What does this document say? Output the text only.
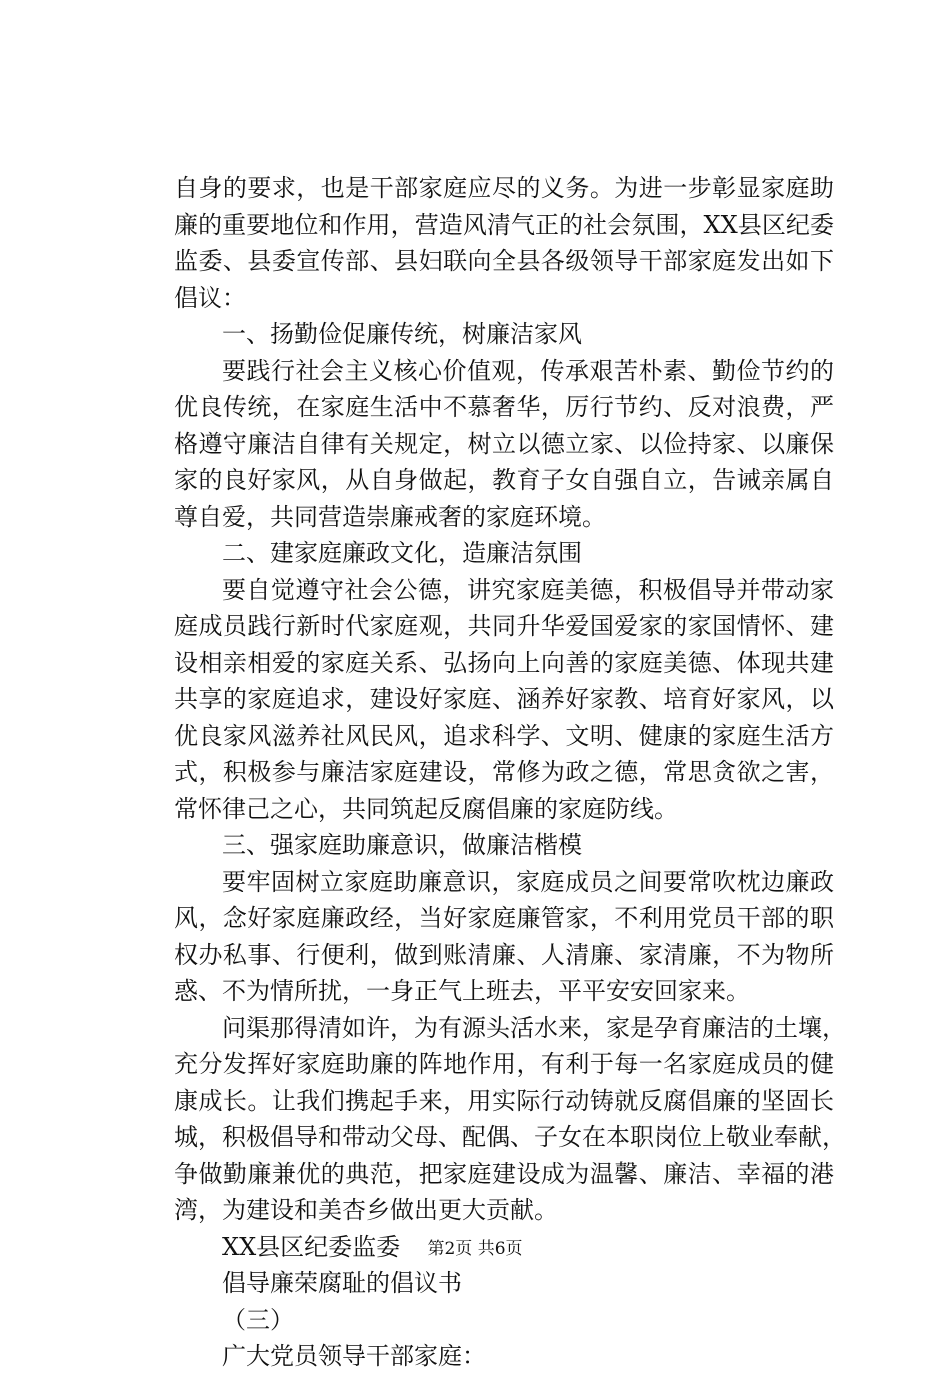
自身的要求，也是干部家庭应尽的义务。为进一步彰显家庭助
廉的重要地位和作用，营造风清气正的社会氛围，XX县区纪委
监委、县委宣传部、县妇联向全县各级领导干部家庭发出如下
倡议：
一、扬勤俭促廉传统，树廉洁家风
要践行社会主义核心价值观，传承艰苦朴素、勤俭节约的
优良传统，在家庭生活中不慕奢华，厉行节约、反对浪费，严
格遵守廉洁自律有关规定，树立以德立家、以俭持家、以廉保
家的良好家风，从自身做起，教育子女自强自立，告诫亲属自
尊自爱，共同营造崇廉戒奢的家庭环境。
二、建家庭廉政文化，造廉洁氛围
要自觉遵守社会公德，讲究家庭美德，积极倡导并带动家
庭成员践行新时代家庭观，共同升华爱国爱家的家国情怀、建
设相亲相爱的家庭关系、弘扬向上向善的家庭美德、体现共建
共享的家庭追求，建设好家庭、涵养好家教、培育好家风，以
优良家风滋养社风民风，追求科学、文明、健康的家庭生活方
式，积极参与廉洁家庭建设，常修为政之德，常思贪欲之害，
常怀律己之心，共同筑起反腐倡廉的家庭防线。
三、强家庭助廉意识，做廉洁楷模
要牢固树立家庭助廉意识，家庭成员之间要常吹枕边廉政
风，念好家庭廉政经，当好家庭廉管家，不利用党员干部的职
权办私事、行便利，做到账清廉、人清廉、家清廉，不为物所
惑、不为情所扰，一身正气上班去，平平安安回家来。
问渠那得清如许，为有源头活水来，家是孕育廉洁的土壤，
充分发挥好家庭助廉的阵地作用，有利于每一名家庭成员的健
康成长。让我们携起手来，用实际行动铸就反腐倡廉的坚固长
城，积极倡导和带动父母、配偶、子女在本职岗位上敬业奉献，
争做勤廉兼优的典范，把家庭建设成为温馨、廉洁、幸福的港
湾，为建设和美杏乡做出更大贡献。
XX县区纪委监委
倡导廉荣腐耻的倡议书
（三）
广大党员领导干部家庭：
第2页 共6页
